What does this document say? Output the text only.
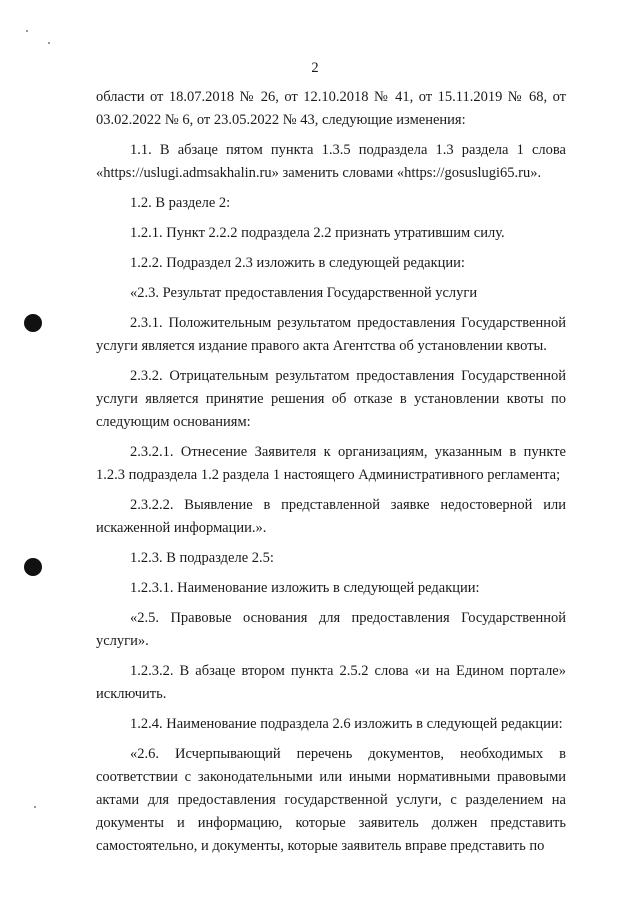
2

области от 18.07.2018 № 26, от 12.10.2018 № 41, от 15.11.2019 № 68, от 03.02.2022 № 6, от 23.05.2022 № 43, следующие изменения:

1.1. В абзаце пятом пункта 1.3.5 подраздела 1.3 раздела 1 слова «https://uslugi.admsakhalin.ru» заменить словами «https://gosuslugi65.ru».

1.2. В разделе 2:

1.2.1. Пункт 2.2.2 подраздела 2.2 признать утратившим силу.

1.2.2. Подраздел 2.3 изложить в следующей редакции:

«2.3. Результат предоставления Государственной услуги

2.3.1. Положительным результатом предоставления Государственной услуги является издание правого акта Агентства об установлении квоты.

2.3.2. Отрицательным результатом предоставления Государственной услуги является принятие решения об отказе в установлении квоты по следующим основаниям:

2.3.2.1. Отнесение Заявителя к организациям, указанным в пункте 1.2.3 подраздела 1.2 раздела 1 настоящего Административного регламента;

2.3.2.2. Выявление в представленной заявке недостоверной или искаженной информации.».

1.2.3. В подразделе 2.5:

1.2.3.1. Наименование изложить в следующей редакции:

«2.5. Правовые основания для предоставления Государственной услуги».

1.2.3.2. В абзаце втором пункта 2.5.2 слова «и на Едином портале» исключить.

1.2.4. Наименование подраздела 2.6 изложить в следующей редакции:

«2.6. Исчерпывающий перечень документов, необходимых в соответствии с законодательными или иными нормативными правовыми актами для предоставления государственной услуги, с разделением на документы и информацию, которые заявитель должен представить самостоятельно, и документы, которые заявитель вправе представить по
